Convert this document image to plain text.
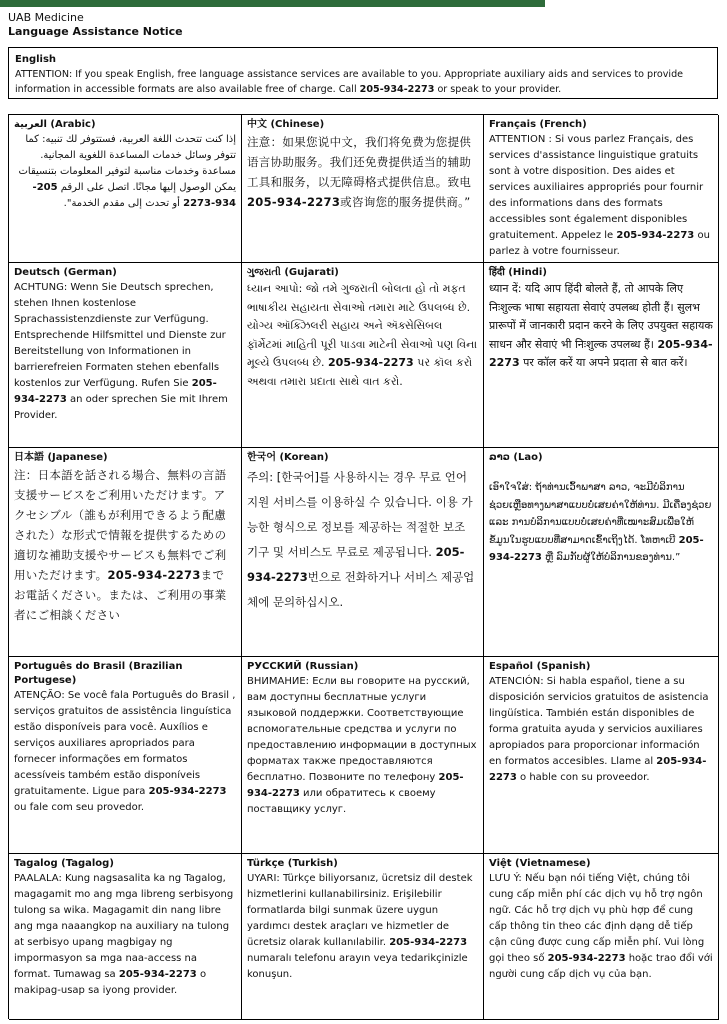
UAB Medicine
Language Assistance Notice
English
ATTENTION: If you speak English, free language assistance services are available to you. Appropriate auxiliary aids and services to provide information in accessible formats are also available free of charge. Call 205-934-2273 or speak to your provider.
العربية (Arabic)
إذا كنت تتحدث اللغة العربية، فستتوفر لك تنبيه: كما تتوفر وسائل خدمات المساعدة اللغوية المجانية. مساعدة وخدمات مناسبة لتوفير المعلومات بتنسيقات يمكن الوصول إليها مجانًا. اتصل على الرقم 205-934-2273 أو تحدث إلى مقدم الخدمة".
中文 (Chinese)
注意：如果您说中文，我们将免费为您提供语言协助服务。我们还免费提供适当的辅助工具和服务，以无障碍格式提供信息。致电 205-934-2273或咨询您的服务提供商。”
Français (French)
ATTENTION : Si vous parlez Français, des services d'assistance linguistique gratuits sont à votre disposition. Des aides et services auxiliaires appropriés pour fournir des informations dans des formats accessibles sont également disponibles gratuitement. Appelez le 205-934-2273 ou parlez à votre fournisseur.
Deutsch (German)
ACHTUNG: Wenn Sie Deutsch sprechen, stehen Ihnen kostenlose Sprachassistenzdienste zur Verfügung. Entsprechende Hilfsmittel und Dienste zur Bereitstellung von Informationen in barrierefreien Formaten stehen ebenfalls kostenlos zur Verfügung. Rufen Sie 205-934-2273 an oder sprechen Sie mit Ihrem Provider.
ગુજરાતી (Gujarati)
ધ્યાન આપો: જો તમે ગુજરાતી બોલતા હો તો મફત ભાષાકીય સહાયતા સેવાઓ તમારા માટે ઉપલબ્ધ છે. યોગ્ય ઑક્ઝિલરી સહાય અને ઍક્સેસિબલ ફૉર્મેટમાં માહિતી પૂરી પાડવા માટેની સેવાઓ પણ વિના મૂલ્યે ઉપલબ્ધ છે. 205-934-2273 પર કૉલ કરો અથવા તમારા પ્રદાતા સાથે વાત કરો.
हिंदी (Hindi)
ध्यान दें: यदि आप हिंदी बोलते हैं, तो आपके लिए निःशुल्क भाषा सहायता सेवाएं उपलब्ध होती हैं। सुलभ प्रारूपों में जानकारी प्रदान करने के लिए उपयुक्त सहायक साधन और सेवाएं भी निःशुल्क उपलब्ध हैं। 205-934-2273 पर कॉल करें या अपने प्रदाता से बात करें।
日本語 (Japanese)
注：日本語を話される場合、無料の言語支援サービスをご利用いただけます。アクセシブル（誰もが利用できるよう配慮された）な形式で情報を提供するための適切な補助支援やサービスも無料でご利用いただけます。205-934-2273までお電話ください。または、ご利用の事業者にご相談ください
한국어 (Korean)
주의: [한국어]를 사용하시는 경우 무료 언어 지원 서비스를 이용하실 수 있습니다. 이용 가능한 형식으로 정보를 제공하는 적절한 보조 기구 및 서비스도 무료로 제공됩니다. 205-934-2273번으로 전화하거나 서비스 제공업체에 문의하십시오.
ລາວ (Lao)
ເອົາໃຈໃສ່: ຖ້າທ່ານເວົ້າພາສາ ລາວ, ຈະມີບໍລິການຊ່ວຍເຫຼືອທາງພາສາແບບບໍ່ເສຍຄ່າໃຫ້ທ່ານ. ມີເຄື່ອງຊ່ວຍ ແລະ ການບໍລິການແບບບໍ່ເສຍຄ່າທີ່ເໝາະສົມເພື່ອໃຫ້ຂໍ້ມູນໃນຮູບແບບທີ່ສາມາດເຂົ້າເຖິງໄດ້. ໂທຫາເບີ 205-934-2273 ຫຼື ລົມກັບຜູ້ໃຫ້ບໍລິການຂອງທ່ານ.”
Português do Brasil (Brazilian Portugese)
ATENÇÃO: Se você fala Português do Brasil , serviços gratuitos de assistência linguística estão disponíveis para você. Auxílios e serviços auxiliares apropriados para fornecer informações em formatos acessíveis também estão disponíveis gratuitamente. Ligue para 205-934-2273 ou fale com seu provedor.
РУССКИЙ (Russian)
ВНИМАНИЕ: Если вы говорите на русский, вам доступны бесплатные услуги языковой поддержки. Соответствующие вспомогательные средства и услуги по предоставлению информации в доступных форматах также предоставляются бесплатно. Позвоните по телефону 205-934-2273 или обратитесь к своему поставщику услуг.
Español (Spanish)
ATENCIÓN: Si habla español, tiene a su disposición servicios gratuitos de asistencia lingüística. También están disponibles de forma gratuita ayuda y servicios auxiliares apropiados para proporcionar información en formatos accesibles. Llame al 205-934-2273 o hable con su proveedor.
Tagalog (Tagalog)
PAALALA: Kung nagsasalita ka ng Tagalog, magagamit mo ang mga libreng serbisyong tulong sa wika. Magagamit din nang libre ang mga naaangkop na auxiliary na tulong at serbisyo upang magbigay ng impormasyon sa mga naa-access na format. Tumawag sa 205-934-2273 o makipag-usap sa iyong provider.
Türkçe (Turkish)
UYARI: Türkçe biliyorsanız, ücretsiz dil destek hizmetlerini kullanabilirsiniz. Erişilebilir formatlarda bilgi sunmak üzere uygun yardımcı destek araçları ve hizmetler de ücretsiz olarak kullanılabilir. 205-934-2273 numaralı telefonu arayın veya tedarikçinizle konuşun.
Việt (Vietnamese)
LƯU Ý: Nếu bạn nói tiếng Việt, chúng tôi cung cấp miễn phí các dịch vụ hỗ trợ ngôn ngữ. Các hỗ trợ dịch vụ phù hợp để cung cấp thông tin theo các định dạng dễ tiếp cận cũng được cung cấp miễn phí. Vui lòng gọi theo số 205-934-2273 hoặc trao đổi với người cung cấp dịch vụ của bạn.
